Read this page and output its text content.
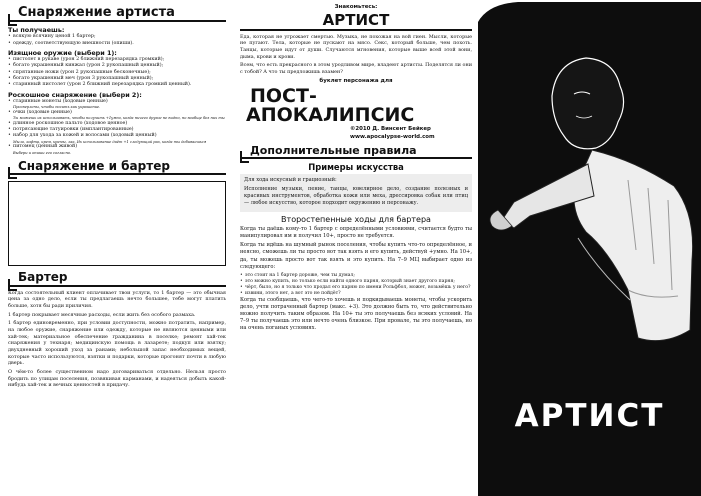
Снаряжение артиста
Ты получаешь:
• всякую всячину ценой 1 бартер;
• одежду, соответствующую внешности (опиши).
Изящное оружие (выбери 1):
• пистолет в рукаве (урон 2 ближний перезарядка громкий);
• богато украшенный кинжал (урон 2 рукопашный ценный);
• спрятанные ножи (урон 2 рукопашные бесконечные);
• богато украшенный меч (урон 3 рукопашный ценный);
• старинный пистолет (урон 2 ближний перезарядка громкий ценный).
Роскошное снаряжение (выбери 2):
• старинные монеты (ходовые ценные)
Просверлены, чтобы носить как украшение.
• очки (ходовые ценные)
Ты можешь их использовать, чтобы получить +1умно, когда ничего другое не видно, но вообще без них ты
• длинное роскошное пальто (ходовое ценное)
• потрясающие татуировки (имплантированные)
• набор для ухода за кожей и волосами (ходовый ценный)
Мыло, кофта, крем, кремы, лак. Их использование даёт +1 следующий раз, когда ты добиваешься
• питомец (ценный живой)
Выбери и опиши его согласно.
Снаряжение и бартер
Бартер

Когда состоятельный клиент оплачивает твои услуги, то 1 бартер — это обычная цена за одно дело, если ты предлагаешь нечто большее, тебе могут платить больше, хотя бы ради приличия.

1 бартер покрывает месячные расходы, если жить без особого размаха.

1 бартер единовременно, при условии доступности, можно потратить, например, на любое оружие, снаряжение или одежду, которые не являются ценными или хай-тек; материальное обеспечение гражданина в поселке; ремонт хай-тек снаряжения у технаря; медицинскую помощь в лазарете; подкуп или взятку; двухдневный хороший уход за ранами; небольшой запас необходимых вещей, которые часто используются, взятки и подарки, которые прогонят почти в любую дверь.

О чём-то более существенном надо договариваться отдельно. Нельзя просто бродить по улицам поселения, позвякивая карманами, и надеяться добыть какой-нибудь хай-тек и вечных ценностей в придачу.

Знакомьтесь:
АРТИСТ

Еда, которая не угрожает смертью. Музыка, не похожая на вой гиен. Мысли, которые не пугают. Тела, которые не пускают на мясо. Секс, который больше, чем похоть. Танцы, которые идут от души. Случаются мгновения, которые выше всей этой вони, дыма, крови и крови.

Всем, что есть прекрасного в этом уродливом мире, владеют артисты. Поделятся ли они с тобой? А что ты предложишь взамен?

буклет персонажа для
ПОСТ-
АПОКАЛИПСИС
©2010 Д. Винсент Бейкер
www.apocalypse-world.com
Дополнительные правила
Примеры искусства

Для хода искусный и грациозный:

Исполнение музыки, пение, танцы, ювелирное дело, создание полезных и красивых инструментов, обработка кожи или меха, дрессировка собак или птиц — любое искусство, которое подходит окружению и персонажу.

Второстепенные ходы для бартера

Когда ты даёшь кому-то 1 бартер с определёнными условиями, считается будто ты манипулировал им и получил 10+, просто не требуется.

Когда ты идёшь на шумный рынок поселения, чтобы купить что-то определённое, и неясно, сможешь ли ты просто вот так взять и его купить, действуй +умно. На 10+, да, ты можешь просто вот так взять и это купить. На 7–9 МЦ выбирает одно из следующего:

• это стоит на 1 бартер дороже, чем ты думал;
• это можно купить, но только если найти одного парня, который знает другого парня;
• чёрт, было, но я только что продал его парню по имени Рольфбол, может, возьмёшь у него?
• извини, этого нет, а вот это не пойдёт?

Когда ты сообщаешь, что чего-то хочешь и подкидываешь монеты, чтобы ускорить дело, учти потраченный бартер (макс. +3). Это должно быть то, что действительно можно получить таким образом. На 10+ ты это получаешь без всяких условий. На 7–9 ты получаешь это или нечто очень близкое. При провале, ты это получаешь, но на очень поганых условиях.

АРТИСТ
